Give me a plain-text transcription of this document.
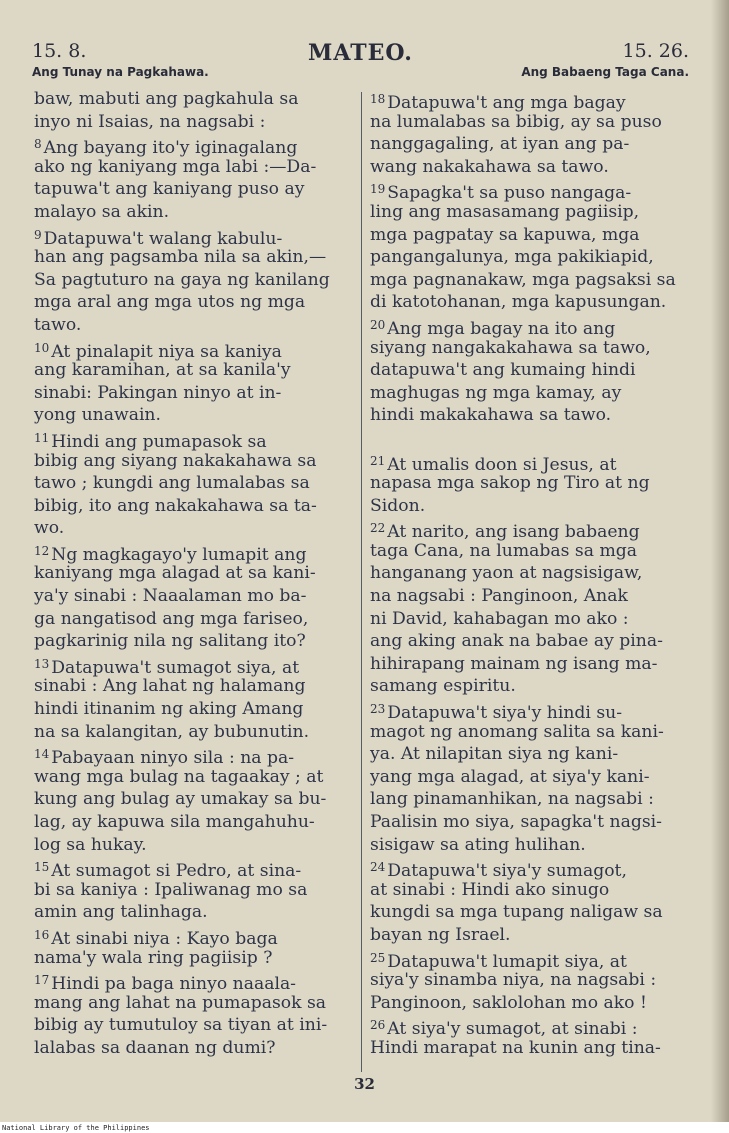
15. 8.	MATEO.	15. 26.
Ang Tunay na Pagkahawa.	Ang Babaeng Taga Cana.
baw, mabuti ang pagkahula sa
inyo ni Isaias, na nagsabi :
$^8$ Ang bayang ito'y iginagalang
ako ng kaniyang mga labi :—Da-
tapuwa't ang kaniyang puso ay
malayo sa akin.
$^9$ Datapuwa't walang kabulu-
han ang pagsamba nila sa akin,—
Sa pagtuturo na gaya ng kanilang
mga aral ang mga utos ng mga
tawo.
$^{10}$ At pinalapit niya sa kaniya
ang karamihan, at sa kanila'y
sinabi: Pakingan ninyo at in-
yong unawain.
$^{11}$ Hindi ang pumapasok sa
bibig ang siyang nakakahawa sa
tawo ; kungdi ang lumalabas sa
bibig, ito ang nakakahawa sa ta-
wo.
$^{12}$ Ng magkagayo'y lumapit ang
kaniyang mga alagad at sa kani-
ya'y sinabi : Naaalaman mo ba-
ga nangatisod ang mga fariseo,
pagkarinig nila ng salitang ito?
$^{13}$ Datapuwa't sumagot siya, at
sinabi : Ang lahat ng halamang
hindi itinanim ng aking Amang
na sa kalangitan, ay bubunutin.
$^{14}$ Pabayaan ninyo sila : na pa-
wang mga bulag na tagaakay ; at
kung ang bulag ay umakay sa bu-
lag, ay kapuwa sila mangahuhu-
log sa hukay.
$^{15}$ At sumagot si Pedro, at sina-
bi sa kaniya : Ipaliwanag mo sa
amin ang talinhaga.
$^{16}$ At sinabi niya : Kayo baga
nama'y wala ring pagiisip ?
$^{17}$ Hindi pa baga ninyo naaala-
mang ang lahat na pumapasok sa
bibig ay tumutuloy sa tiyan at ini-
lalabas sa daanan ng dumi?
$^{18}$ Datapuwa't ang mga bagay
na lumalabas sa bibig, ay sa puso
nanggagaling, at iyan ang pa-
wang nakakahawa sa tawo.
$^{19}$ Sapagka't sa puso nangaga-
ling ang masasamang pagiisip,
mga pagpatay sa kapuwa, mga
pangangalunya, mga pakikiapid,
mga pagnanakaw, mga pagsaksi sa
di katotohanan, mga kapusungan.
$^{20}$ Ang mga bagay na ito ang
siyang nangakakahawa sa tawo,
datapuwa't ang kumaing hindi
maghugas ng mga kamay, ay
hindi makakahawa sa tawo.
$^{21}$ At umalis doon si Jesus, at
napasa mga sakop ng Tiro at ng
Sidon.
$^{22}$ At narito, ang isang babaeng
taga Cana, na lumabas sa mga
hanganang yaon at nagsisigaw,
na nagsabi : Panginoon, Anak
ni David, kahabagan mo ako :
ang aking anak na babae ay pina-
hihirapang mainam ng isang ma-
samang espiritu.
$^{23}$ Datapuwa't siya'y hindi su-
magot ng anomang salita sa kani-
ya. At nilapitan siya ng kani-
yang mga alagad, at siya'y kani-
lang pinamanhikan, na nagsabi :
Paalisin mo siya, sapagka't nagsi-
sisigaw sa ating hulihan.
$^{24}$ Datapuwa't siya'y sumagot,
at sinabi : Hindi ako sinugo
kungdi sa mga tupang naligaw sa
bayan ng Israel.
$^{25}$ Datapuwa't lumapit siya, at
siya'y sinamba niya, na nagsabi :
Panginoon, saklolohan mo ako !
$^{26}$ At siya'y sumagot, at sinabi :
Hindi marapat na kunin ang tina-
32
National Library of the Philippines
